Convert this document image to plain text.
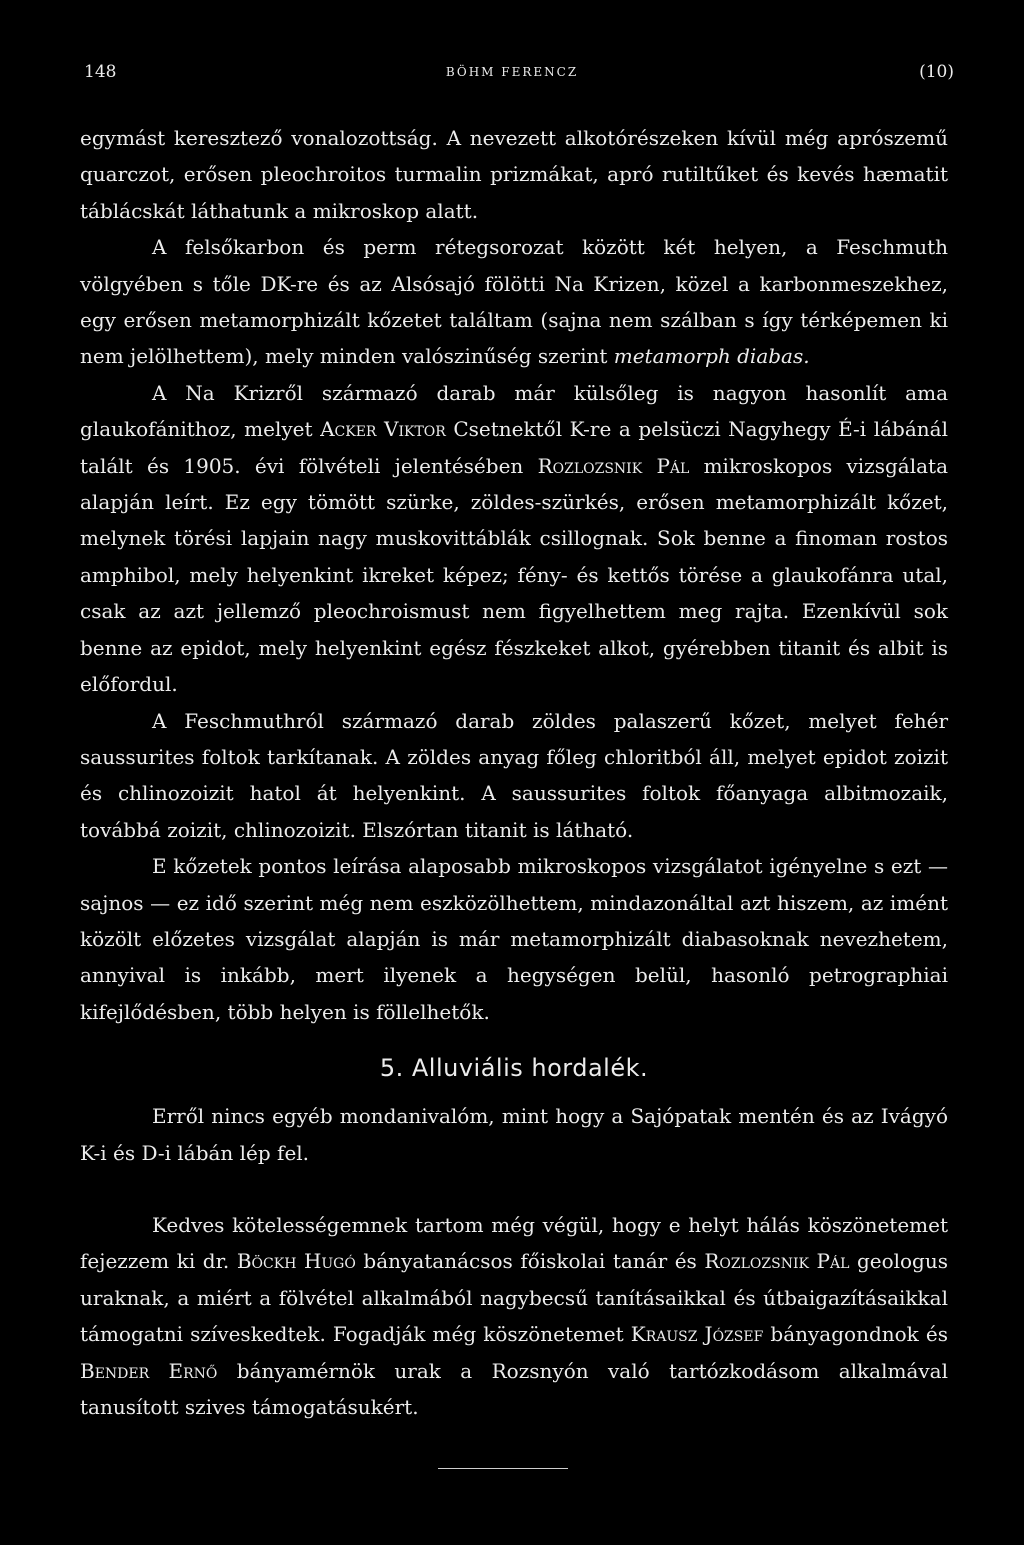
148	BÖHM FERENCZ	(10)

egymást keresztező vonalozottság. A nevezett alkotórészeken kívül még aprószemű quarczot, erősen pleochroitos turmalin prizmákat, apró rutiltűket és kevés hæmatit táblácskát láthatunk a mikroskop alatt.

A felsőkarbon és perm rétegsorozat között két helyen, a Feschmuth völgyében s tőle DK-re és az Alsósajó fölötti Na Krizen, közel a karbonmeszekhez, egy erősen metamorphizált kőzetet találtam (sajna nem szálban s így térképemen ki nem jelölhettem), mely minden valószinűség szerint metamorph diabas.

A Na Krizről származó darab már külsőleg is nagyon hasonlít ama glaukofánithoz, melyet Acker Viktor Csetnektől K-re a pelsüczi Nagyhegy É-i lábánál talált és 1905. évi fölvételi jelentésében Rozlozsnik Pál mikroskopos vizsgálata alapján leírt. Ez egy tömött szürke, zöldes-szürkés, erősen metamorphizált kőzet, melynek törési lapjain nagy muskovittáblák csillognak. Sok benne a finoman rostos amphibol, mely helyenkint ikreket képez; fény- és kettős törése a glaukofánra utal, csak az azt jellemző pleochroismust nem figyelhettem meg rajta. Ezenkívül sok benne az epidot, mely helyenkint egész fészkeket alkot, gyérebben titanit és albit is előfordul.

A Feschmuthról származó darab zöldes palaszerű kőzet, melyet fehér saussurites foltok tarkítanak. A zöldes anyag főleg chloritból áll, melyet epidot zoizit és chlinozoizit hatol át helyenkint. A saussurites foltok főanyaga albitmozaik, továbbá zoizit, chlinozoizit. Elszórtan titanit is látható.

E kőzetek pontos leírása alaposabb mikroskopos vizsgálatot igényelne s ezt — sajnos — ez idő szerint még nem eszközölhettem, mindazonáltal azt hiszem, az imént közölt előzetes vizsgálat alapján is már metamorphizált diabasoknak nevezhetem, annyival is inkább, mert ilyenek a hegységen belül, hasonló petrographiai kifejlődésben, több helyen is föllelhetők.

5. Alluviális hordalék.

Erről nincs egyéb mondanivalóm, mint hogy a Sajópatak mentén és az Ivágyó K-i és D-i lábán lép fel.

Kedves kötelességemnek tartom még végül, hogy e helyt hálás köszönetemet fejezzem ki dr. Böckh Hugó bányatanácsos főiskolai tanár és Rozlozsnik Pál geologus uraknak, a miért a fölvétel alkalmából nagybecsű tanításaikkal és útbaigazításaikkal támogatni szíveskedtek. Fogadják még köszönetemet Krausz József bányagondnok és Bender Ernő bányamérnök urak a Rozsnyón való tartózkodásom alkalmával tanusított szives támogatásukért.
